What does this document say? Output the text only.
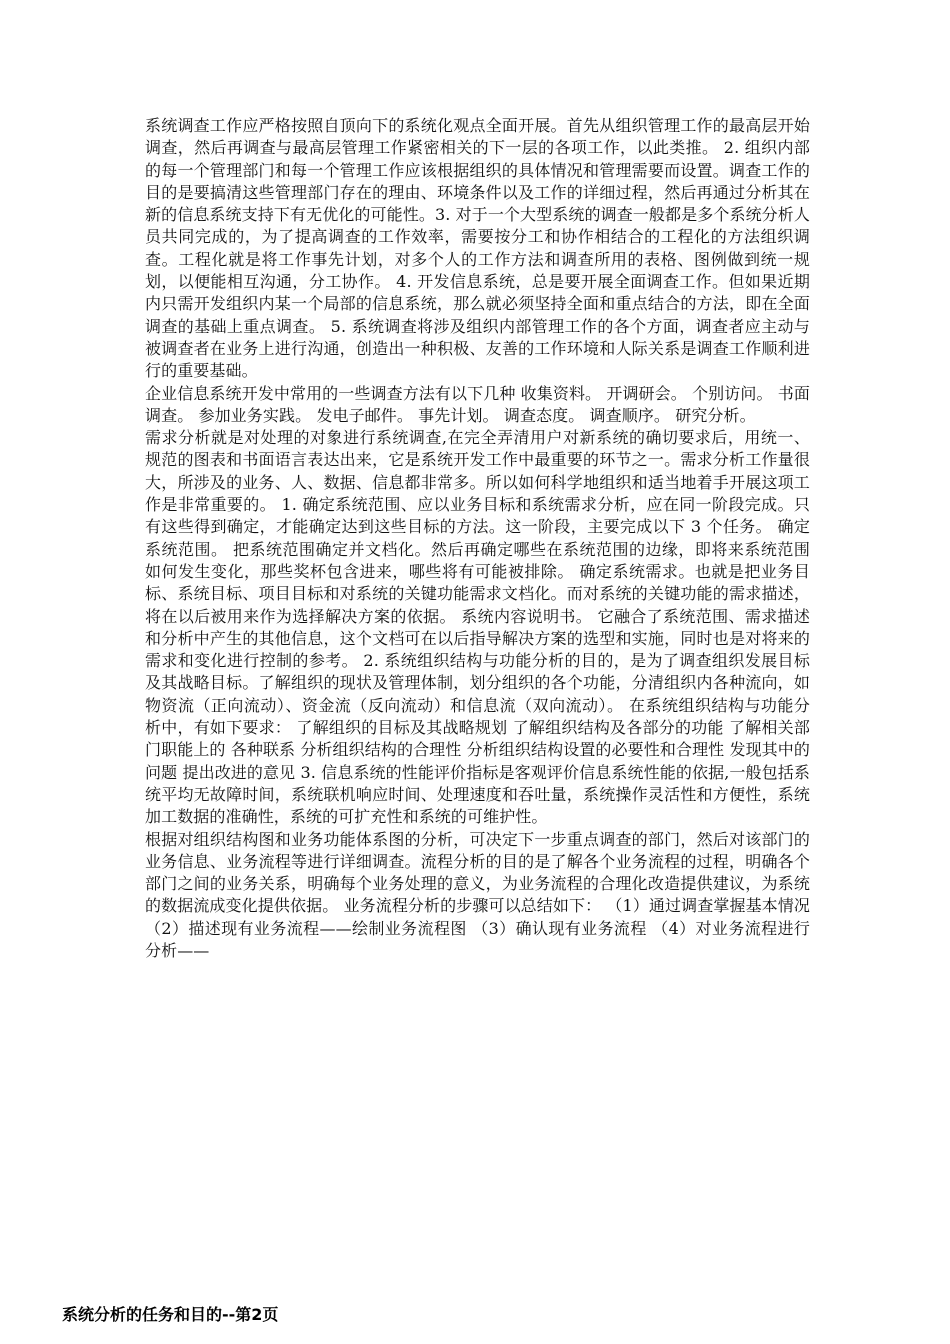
系统调查工作应严格按照自顶向下的系统化观点全面开展。首先从组织管理工作的最高层开始调查，然后再调查与最高层管理工作紧密相关的下一层的各项工作，以此类推。 2. 组织内部的每一个管理部门和每一个管理工作应该根据组织的具体情况和管理需要而设置。调查工作的目的是要搞清这些管理部门存在的理由、环境条件以及工作的详细过程，然后再通过分析其在新的信息系统支持下有无优化的可能性。3. 对于一个大型系统的调查一般都是多个系统分析人员共同完成的，为了提高调查的工作效率，需要按分工和协作相结合的工程化的方法组织调查。工程化就是将工作事先计划，对多个人的工作方法和调查所用的表格、图例做到统一规划，以便能相互沟通，分工协作。 4. 开发信息系统，总是要开展全面调查工作。但如果近期内只需开发组织内某一个局部的信息系统，那么就必须坚持全面和重点结合的方法，即在全面调查的基础上重点调查。 5. 系统调查将涉及组织内部管理工作的各个方面，调查者应主动与被调查者在业务上进行沟通，创造出一种积极、友善的工作环境和人际关系是调查工作顺利进行的重要基础。

企业信息系统开发中常用的一些调查方法有以下几种 收集资料。 开调研会。 个别访问。 书面调查。 参加业务实践。 发电子邮件。 事先计划。 调查态度。 调查顺序。 研究分析。

需求分析就是对处理的对象进行系统调查,在完全弄清用户对新系统的确切要求后，用统一、规范的图表和书面语言表达出来，它是系统开发工作中最重要的环节之一。需求分析工作量很大，所涉及的业务、人、数据、信息都非常多。所以如何科学地组织和适当地着手开展这项工作是非常重要的。 1. 确定系统范围、应以业务目标和系统需求分析，应在同一阶段完成。只有这些得到确定，才能确定达到这些目标的方法。这一阶段，主要完成以下 3 个任务。 确定系统范围。 把系统范围确定并文档化。然后再确定哪些在系统范围的边缘，即将来系统范围如何发生变化，那些奖杯包含进来，哪些将有可能被排除。 确定系统需求。也就是把业务目标、系统目标、项目目标和对系统的关键功能需求文档化。而对系统的关键功能的需求描述，将在以后被用来作为选择解决方案的依据。 系统内容说明书。 它融合了系统范围、需求描述和分析中产生的其他信息，这个文档可在以后指导解决方案的选型和实施，同时也是对将来的需求和变化进行控制的参考。 2. 系统组织结构与功能分析的目的，是为了调查组织发展目标及其战略目标。了解组织的现状及管理体制，划分组织的各个功能，分清组织内各种流向，如物资流（正向流动）、资金流（反向流动）和信息流（双向流动）。 在系统组织结构与功能分析中，有如下要求： 了解组织的目标及其战略规划 了解组织结构及各部分的功能 了解相关部门职能上的 各种联系 分析组织结构的合理性 分析组织结构设置的必要性和合理性 发现其中的问题 提出改进的意见 3. 信息系统的性能评价指标是客观评价信息系统性能的依据,一般包括系统平均无故障时间，系统联机响应时间、处理速度和吞吐量，系统操作灵活性和方便性，系统加工数据的准确性，系统的可扩充性和系统的可维护性。

根据对组织结构图和业务功能体系图的分析，可决定下一步重点调查的部门，然后对该部门的业务信息、业务流程等进行详细调查。流程分析的目的是了解各个业务流程的过程，明确各个部门之间的业务关系，明确每个业务处理的意义，为业务流程的合理化改造提供建议，为系统的数据流成变化提供依据。 业务流程分析的步骤可以总结如下： （1）通过调查掌握基本情况 （2）描述现有业务流程——绘制业务流程图 （3）确认现有业务流程 （4）对业务流程进行分析——

系统分析的任务和目的--第2页
